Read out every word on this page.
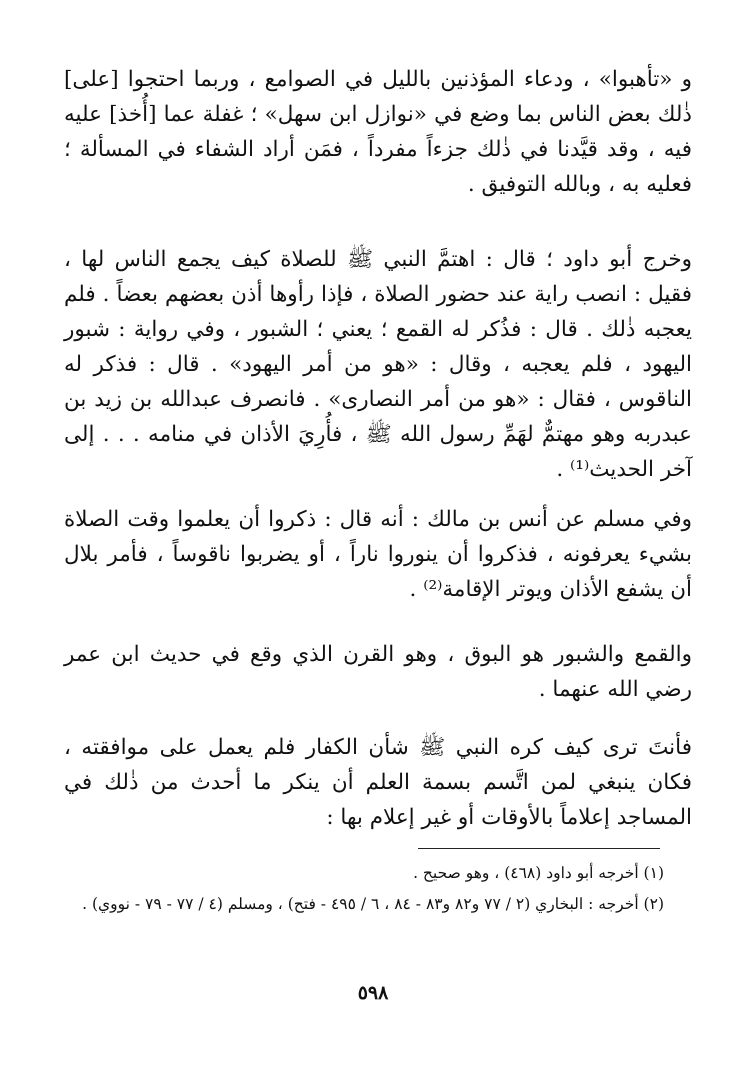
و «تأهبوا» ، ودعاء المؤذنين بالليل في الصوامع ، وربما احتجوا [على] ذٰلك بعض الناس بما وضع في «نوازل ابن سهل» ؛ غفلة عما [أُخذ] عليه فيه ، وقد قيَّدنا في ذٰلك جزءاً مفرداً ، فمَن أراد الشفاء في المسألة ؛ فعليه به ، وبالله التوفيق .

وخرج أبو داود ؛ قال : اهتمَّ النبي ﷺ للصلاة كيف يجمع الناس لها ، فقيل : انصب راية عند حضور الصلاة ، فإذا رأوها أذن بعضهم بعضاً . فلم يعجبه ذٰلك . قال : فذُكر له القمع ؛ يعني ؛ الشبور ، وفي رواية : شبور اليهود ، فلم يعجبه ، وقال : «هو من أمر اليهود» . قال : فذكر له الناقوس ، فقال : «هو من أمر النصارى» . فانصرف عبدالله بن زيد بن عبدربه وهو مهتمٌّ لهَمِّ رسول الله ﷺ ، فأُرِيَ الأذان في منامه . . . إلى آخر الحديث⁽¹⁾ .

وفي مسلم عن أنس بن مالك : أنه قال : ذكروا أن يعلموا وقت الصلاة بشيء يعرفونه ، فذكروا أن ينوروا ناراً ، أو يضربوا ناقوساً ، فأمر بلال أن يشفع الأذان ويوتر الإقامة⁽²⁾ .

والقمع والشبور هو البوق ، وهو القرن الذي وقع في حديث ابن عمر رضي الله عنهما .

فأنتَ ترى كيف كره النبي ﷺ شأن الكفار فلم يعمل على موافقته ، فكان ينبغي لمن اتَّسم بسمة العلم أن ينكر ما أحدث من ذٰلك في المساجد إعلاماً بالأوقات أو غير إعلام بها :

(١) أخرجه أبو داود (٤٦٨) ، وهو صحيح .

(٢) أخرجه : البخاري (٢ / ٧٧ و٨٢ و٨٣ - ٨٤ ، ٦ / ٤٩٥ - فتح) ، ومسلم (٤ / ٧٧ - ٧٩ - نووي) .

٥٩٨
